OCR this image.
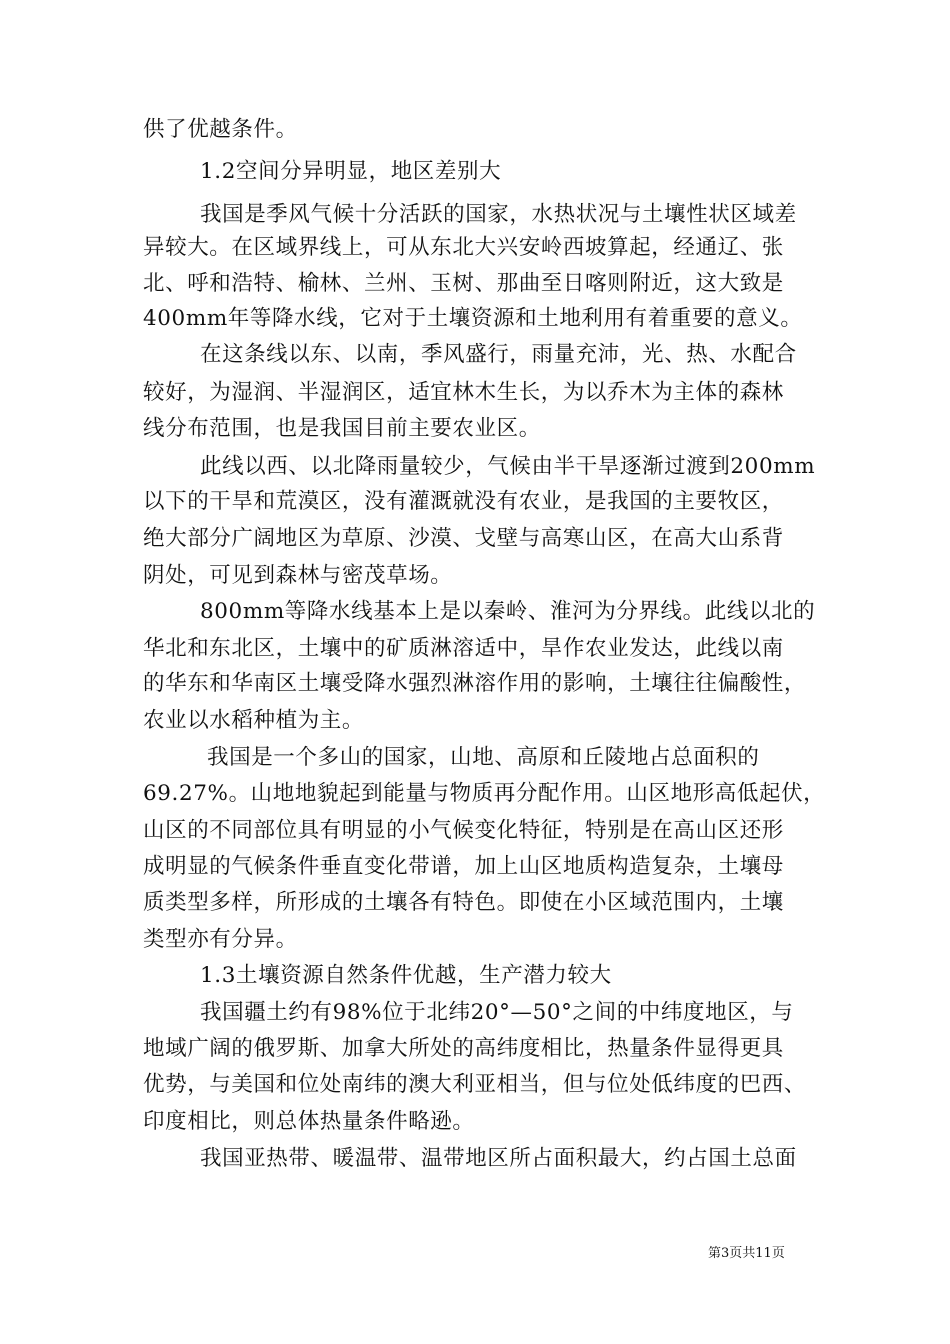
供了优越条件。
1.2空间分异明显，地区差别大
我国是季风气候十分活跃的国家，水热状况与土壤性状区域差
异较大。在区域界线上，可从东北大兴安岭西坡算起，经通辽、张
北、呼和浩特、榆林、兰州、玉树、那曲至日喀则附近，这大致是
400mm年等降水线，它对于土壤资源和土地利用有着重要的意义。
在这条线以东、以南，季风盛行，雨量充沛，光、热、水配合
较好，为湿润、半湿润区，适宜林木生长，为以乔木为主体的森林
线分布范围，也是我国目前主要农业区。
此线以西、以北降雨量较少，气候由半干旱逐渐过渡到200mm
以下的干旱和荒漠区，没有灌溉就没有农业，是我国的主要牧区，
绝大部分广阔地区为草原、沙漠、戈壁与高寒山区，在高大山系背
阴处，可见到森林与密茂草场。
800mm等降水线基本上是以秦岭、淮河为分界线。此线以北的
华北和东北区，土壤中的矿质淋溶适中，旱作农业发达，此线以南
的华东和华南区土壤受降水强烈淋溶作用的影响，土壤往往偏酸性，
农业以水稻种植为主。
我国是一个多山的国家，山地、高原和丘陵地占总面积的
69.27%。山地地貌起到能量与物质再分配作用。山区地形高低起伏，
山区的不同部位具有明显的小气候变化特征，特别是在高山区还形
成明显的气候条件垂直变化带谱，加上山区地质构造复杂，土壤母
质类型多样，所形成的土壤各有特色。即使在小区域范围内，土壤
类型亦有分异。
1.3土壤资源自然条件优越，生产潜力较大
我国疆土约有98%位于北纬20°—50°之间的中纬度地区，与
地域广阔的俄罗斯、加拿大所处的高纬度相比，热量条件显得更具
优势，与美国和位处南纬的澳大利亚相当，但与位处低纬度的巴西、
印度相比，则总体热量条件略逊。
我国亚热带、暖温带、温带地区所占面积最大，约占国土总面
第3页共11页
